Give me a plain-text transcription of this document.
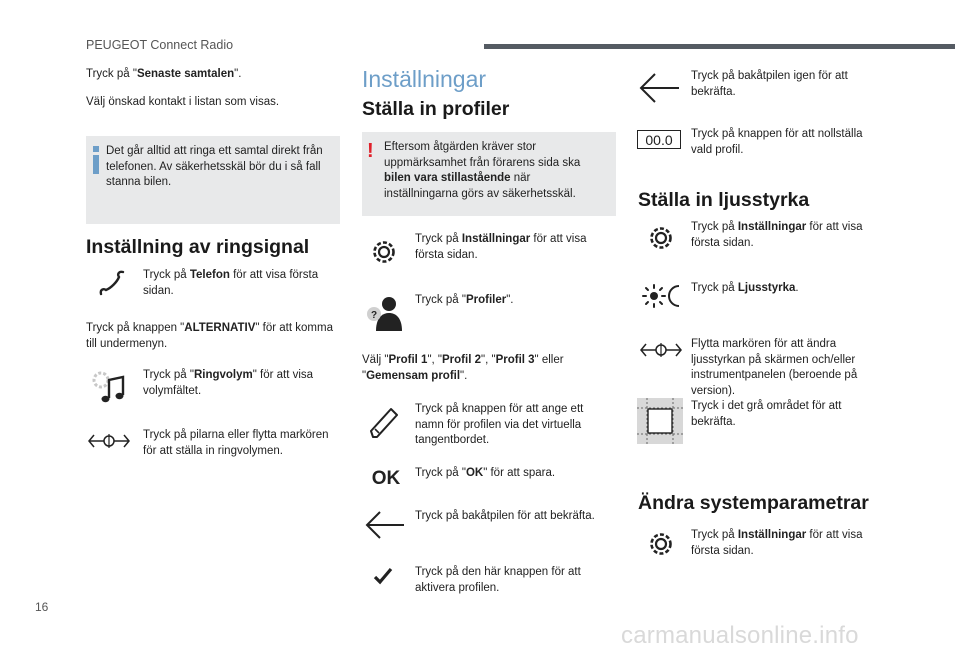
PEUGEOT Connect Radio

Tryck på "Senaste samtalen".

Välj önskad kontakt i listan som visas.

Det går alltid att ringa ett samtal direkt från telefonen. Av säkerhetsskäl bör du i så fall stanna bilen.

Inställning av ringsignal

Tryck på Telefon för att visa första sidan.

Tryck på knappen "ALTERNATIV" för att komma till undermenyn.

Tryck på "Ringvolym" för att visa volymfältet.

Tryck på pilarna eller flytta markören för att ställa in ringvolymen.

Inställningar
Ställa in profiler
! Eftersom åtgärden kräver stor uppmärksamhet från förarens sida ska bilen vara stillastående när inställningarna görs av säkerhetsskäl.

Tryck på Inställningar för att visa första sidan.

?

Tryck på "Profiler".

Välj "Profil 1", "Profil 2", "Profil 3" eller "Gemensam profil".

Tryck på knappen för att ange ett namn för profilen via det virtuella tangentbordet.

OK	Tryck på "OK" för att spara.

Tryck på bakåtpilen för att bekräfta.

Tryck på den här knappen för att aktivera profilen.

Tryck på bakåtpilen igen för att bekräfta.

00.0	Tryck på knappen för att nollställa vald profil.

Ställa in ljusstyrka

Tryck på Inställningar för att visa första sidan.

Tryck på Ljusstyrka.

Flytta markören för att ändra ljusstyrkan på skärmen och/eller instrumentpanelen (beroende på version).

Tryck i det grå området för att bekräfta.

Ändra systemparametrar

Tryck på Inställningar för att visa första sidan.

16
carmanualsonline.info
